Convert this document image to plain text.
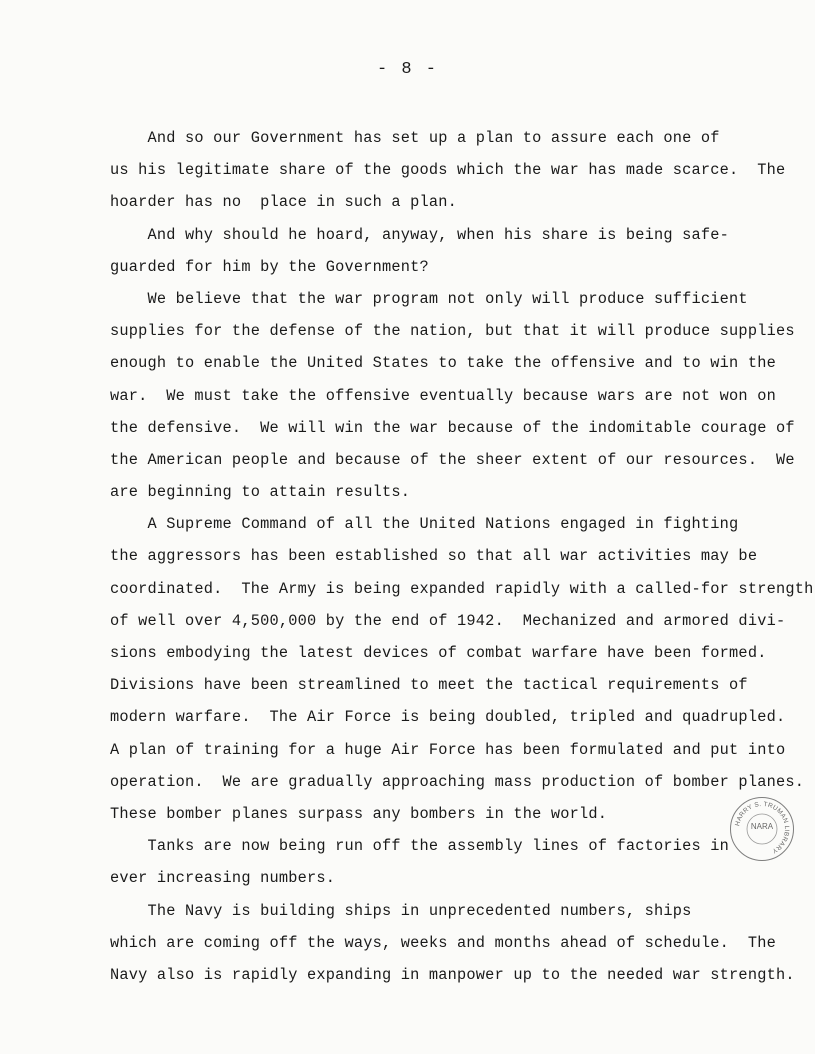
- 8 -
And so our Government has set up a plan to assure each one of
us his legitimate share of the goods which the war has made scarce.  The
hoarder has no  place in such a plan.
And why should he hoard, anyway, when his share is being safe-
guarded for him by the Government?
We believe that the war program not only will produce sufficient
supplies for the defense of the nation, but that it will produce supplies
enough to enable the United States to take the offensive and to win the
war.  We must take the offensive eventually because wars are not won on
the defensive.  We will win the war because of the indomitable courage of
the American people and because of the sheer extent of our resources.  We
are beginning to attain results.
A Supreme Command of all the United Nations engaged in fighting
the aggressors has been established so that all war activities may be
coordinated.  The Army is being expanded rapidly with a called-for strength
of well over 4,500,000 by the end of 1942.  Mechanized and armored divi-
sions embodying the latest devices of combat warfare have been formed.
Divisions have been streamlined to meet the tactical requirements of
modern warfare.  The Air Force is being doubled, tripled and quadrupled.
A plan of training for a huge Air Force has been formulated and put into
operation.  We are gradually approaching mass production of bomber planes.
These bomber planes surpass any bombers in the world.
Tanks are now being run off the assembly lines of factories in
ever increasing numbers.
The Navy is building ships in unprecedented numbers, ships
which are coming off the ways, weeks and months ahead of schedule.  The
Navy also is rapidly expanding in manpower up to the needed war strength.
HARRY S. TRUMAN LIBRARY
NARA
